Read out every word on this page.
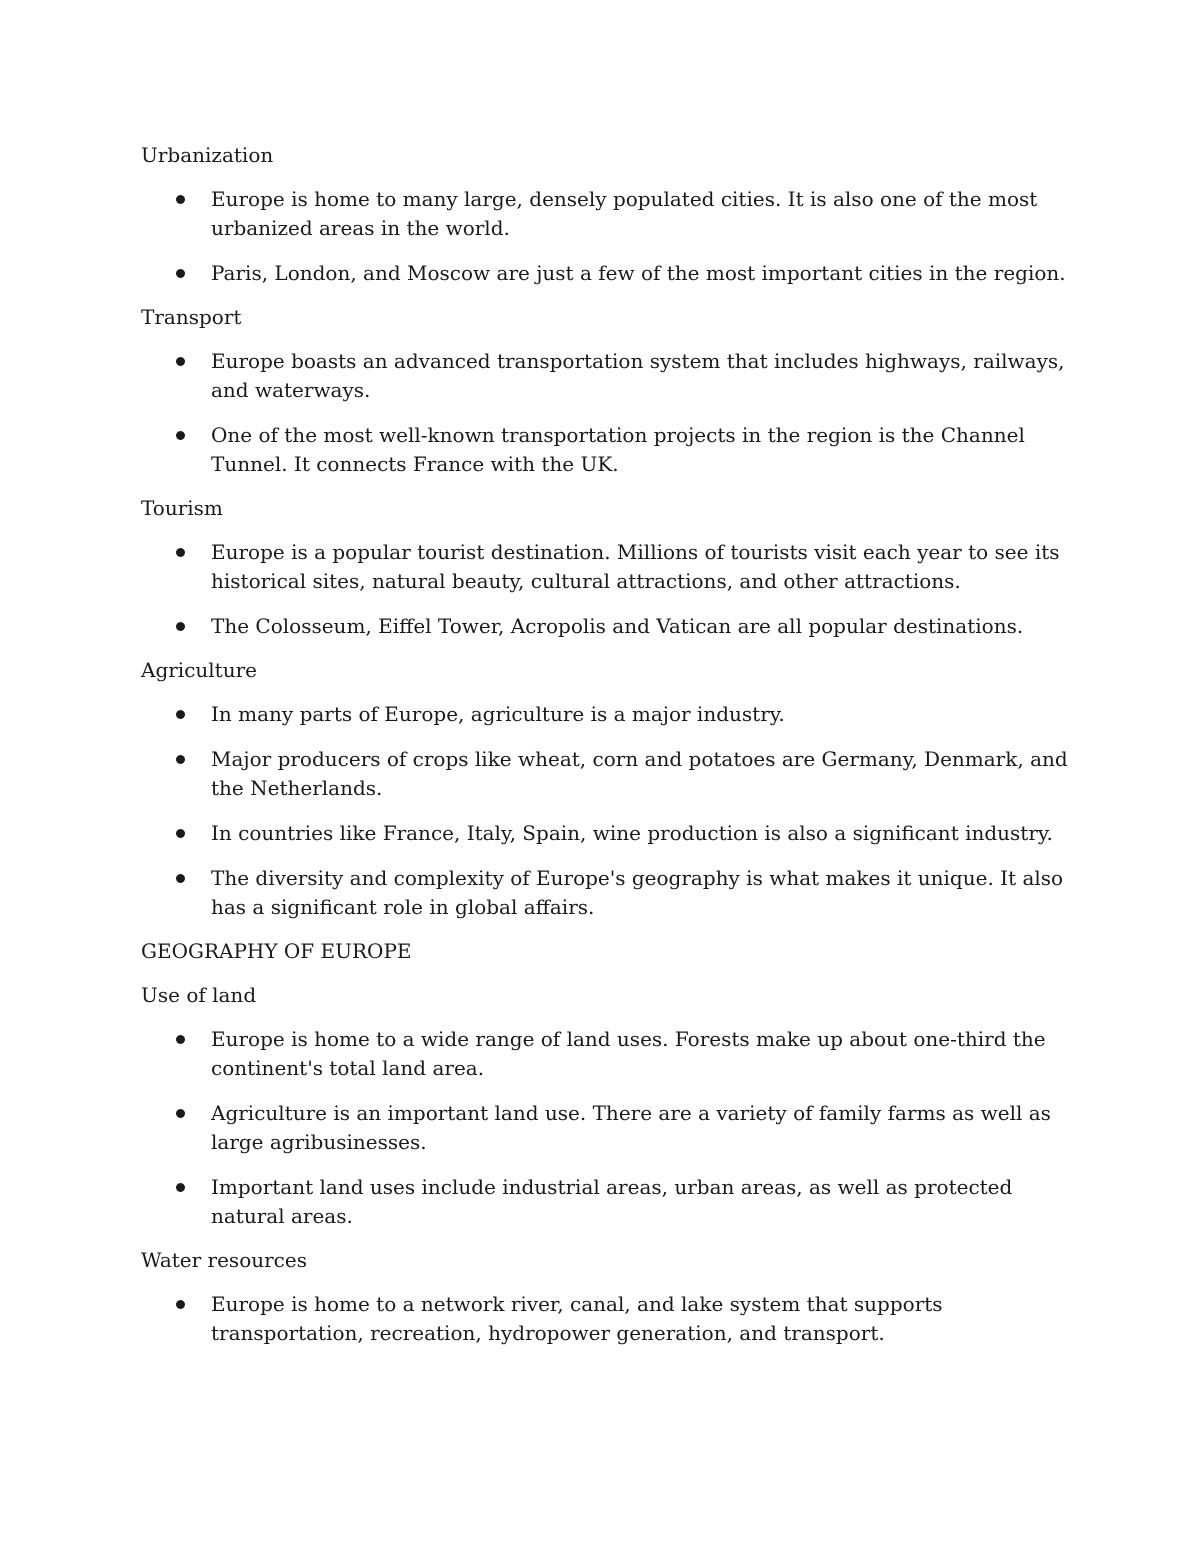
Urbanization

Europe is home to many large, densely populated cities. It is also one of the most urbanized areas in the world.
Paris, London, and Moscow are just a few of the most important cities in the region.

Transport

Europe boasts an advanced transportation system that includes highways, railways, and waterways.
One of the most well-known transportation projects in the region is the Channel Tunnel. It connects France with the UK.

Tourism

Europe is a popular tourist destination. Millions of tourists visit each year to see its historical sites, natural beauty, cultural attractions, and other attractions.
The Colosseum, Eiffel Tower, Acropolis and Vatican are all popular destinations.

Agriculture

In many parts of Europe, agriculture is a major industry.
Major producers of crops like wheat, corn and potatoes are Germany, Denmark, and the Netherlands.
In countries like France, Italy, Spain, wine production is also a significant industry.
The diversity and complexity of Europe's geography is what makes it unique. It also has a significant role in global affairs.

GEOGRAPHY OF EUROPE

Use of land

Europe is home to a wide range of land uses. Forests make up about one-third the continent's total land area.
Agriculture is an important land use. There are a variety of family farms as well as large agribusinesses.
Important land uses include industrial areas, urban areas, as well as protected natural areas.

Water resources

Europe is home to a network river, canal, and lake system that supports transportation, recreation, hydropower generation, and transport.
